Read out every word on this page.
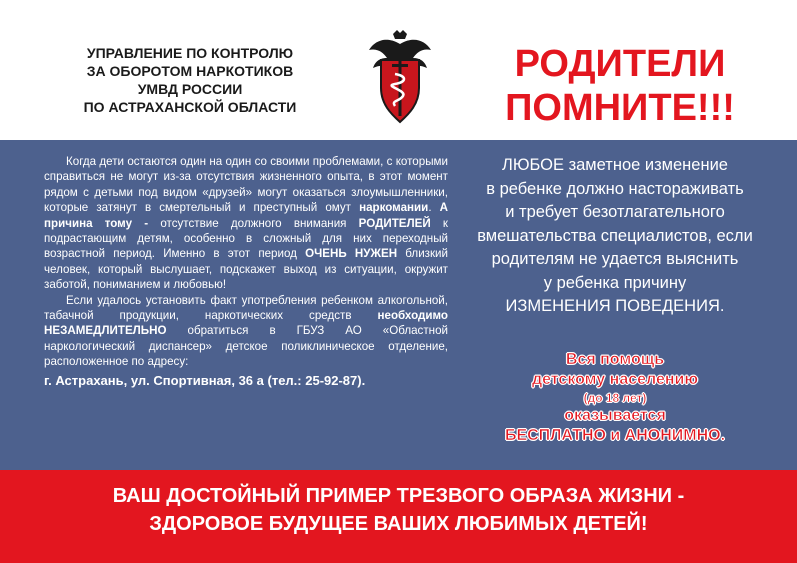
УПРАВЛЕНИЕ ПО КОНТРОЛЮ
ЗА ОБОРОТОМ НАРКОТИКОВ
УМВД РОССИИ
ПО АСТРАХАНСКОЙ ОБЛАСТИ
РОДИТЕЛИ
ПОМНИТЕ!!!

Когда дети остаются один на один со своими проблемами, с которыми справиться не могут из-за отсутствия жизненного опыта, в этот момент рядом с детьми под видом «друзей» могут оказаться злоумышленники, которые затянут в смертельный и преступный омут наркомании. А причина тому - отсутствие должного внимания РОДИТЕЛЕЙ к подрастающим детям, особенно в сложный для них переходный возрастной период. Именно в этот период ОЧЕНЬ НУЖЕН близкий человек, который выслушает, подскажет выход из ситуации, окружит заботой, пониманием и любовью!

Если удалось установить факт употребления ребенком алкогольной, табачной продукции, наркотических средств необходимо НЕЗАМЕДЛИТЕЛЬНО обратиться в ГБУЗ АО «Областной наркологический диспансер» детское поликлиническое отделение, расположенное по адресу:

г. Астрахань, ул. Спортивная, 36 а (тел.: 25-92-87).
ЛЮБОЕ заметное изменение
в ребенке должно настораживать
и требует безотлагательного
вмешательства специалистов, если
родителям не удается выяснить
у ребенка причину
ИЗМЕНЕНИЯ ПОВЕДЕНИЯ.
Вся помощь
детскому населению
(до 18 лет)
оказывается
БЕСПЛАТНО и АНОНИМНО.
ВАШ ДОСТОЙНЫЙ ПРИМЕР ТРЕЗВОГО ОБРАЗА ЖИЗНИ -
ЗДОРОВОЕ БУДУЩЕЕ ВАШИХ ЛЮБИМЫХ ДЕТЕЙ!
